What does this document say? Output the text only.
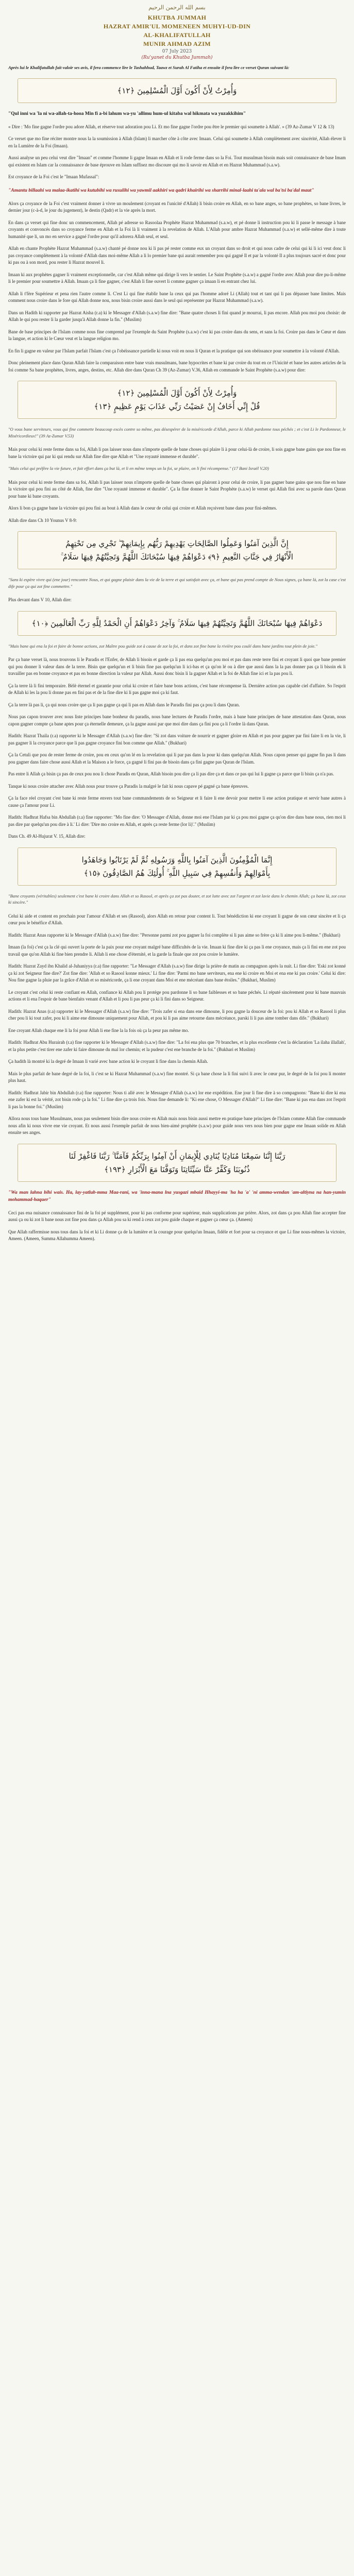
بسم الله الرحمن الرحيم
KHUTBA JUMMAH
HAZRAT AMIR'UL MOMENEEN MUHYI-UD-DIN
AL-KHALIFATULLAH
MUNIR AHMAD AZIM
07 July 2023
(Ru'yanet du Khutba Jummah)

Après lui le Khalifatullah fait valoir ses avis, il fera commence lire le Tashahhud, Taawz et Surah Al Fatiha et ensuite il fera lire ce verset Quran suivant là:

وَأُمِرْتُ لِأَنْ أَكُونَ أَوَّلَ الْمُسْلِمِينَ ﴿١٢﴾

"Qul inni wa 'la ni wa-allah-ta-hooa Min fi a-bi lahum wa-yu 'allimu hum-ul kitaba wal hikmata wa yuzakkihim"

« Dire : 'Mo fine gagne l'ordre pou adore Allah, et réserve tout adoration pou Li. Et mo fine gagne l'ordre pou être le premier qui soumette à Allah'. » (39 Az-Zumar V 12 & 13)

Ce verset que mo fine réciter montre nous la la soumission à Allah (Islam) li marcher côte à côte avec Imaan. Celui qui soumette à Allah complètement avec sincérité, Allah élever li en la Lumière de la Foi (Imaan).

Aussi analyse un peu celui veut dire "Imaan" et comme l'homme li gagne Imaan en Allah et li rode ferme dans so la Foi. Tout musulman bisoin mais soit connaissance de base Imam qui existent en Islam car la connaissance de base éprouve en Islam suffisez mo discoure qui mo li savoir en Allah et en Hazrat Muhammad (s.a.w).

Est croyance de la Foi c'est le "Imaan Mufassal":

"Amantu billaahi wa malaa-ikatihi wa kutubihi wa rusulihi wa yawmil aakhiri wa qadri khairihi wa sharrihi minal-laahi ta'ala wal ba'tsi ba'dal maut"

Alors ça croyance de la Foi c'est vraiment donner à vivre un moulement (croyant en l'unicité d'Allah) li bisin croire en Allah, en so bane anges, so bane prophètes, so bane livres, le dernier jour (c-à-d, le jour du jugement), le destin (Qadr) et la vie après la mort.

En dans ça verset qui fine donc un commencement, Allah pé adresse so Rasoolaa Prophète Hazrat Muhammad (s.a.w), et pé donne li instruction pou ki li passe le message à bane croyants et convoncés dans so croyance ferme en Allah et la Foi là li vraiment à la revelation de Allah. L'Allah pour ambre Hazrat Muhammad (s.a.w) et sellé-même dire à toute humanité que li, un mo en service a gagné l'ordre pour qu'il adorera Allah seul, et seul.

Allah en chante Prophète Hazrat Muhammad (s.a.w) chanté pé donne nou ki li pas pé rester comme eux un croyant dans so droit et qui nous cadre de celui qui ki li ici veut donc li pas croyance complètement à la volonté d'Allah dans moi-même Allah a li lo premier bane qui aurait remember pou qui gagné Il et par la volonté Il a plus toujours sacré et donc pour ki pas ou à son mord, pou rester li Hazrat mouvel li.

Imaan ki aux prophètes gagner li vraiment exceptionnelle, car c'est Allah même qui dirige li vers le sentier. Le Saint Prophète (s.a.w) a gagné l'ordre avec Allah pour dire pu-li-même li le premier pour soumettre à Allah. Imaan ça li fine gagner, c'est Allah li fine ouvert li comme gagner ça imaan li en entrant chez lui.

Allah li t'fère Supérieur et pena rien l'autre comme li. C'est Li qui fine établir bane la ceux qui pas l'homme adoré Li (Allah) tout et tant qui li pas dépasser bane limites. Mais comment nous croire dans le fore qui Allah donne nou, nous bisin croire aussi dans le seul qui représenter par Hazrat Muhammad (s.a.w).

Dans un Hadith ki rapporter par Hazrat Aisha (r.a) ki le Messager d'Allah (s.a.w) fine dire: "Bane quatre choses li fini quand je mourrai, li pas encore. Allah pou moi pou choisir: de Allah le qui pou rester li la garder jusqu'à Allah donne la fin." (Muslim)

Bane de base principes de l'Islam comme nous fine comprend par l'exemple du Saint Prophète (s.a.w) c'est ki pas croire dans du sens, et sans la foi. Croire pas dans le Cœur et dans la langue, et action ki le Cœur veut et la langue religion mo.

En fin li gagne en valeur par l'Islam parfait l'Islam c'est ça l'obéissance partielle ki nous voit en nous li Quran et la pratique qui son obéissance pour soumettre à la volonté d'Allah.

Donc pleinement place dans Quran Allah faire la comparaison entre bane vrais musulmans, bane hypocrites et bane ki par croire du tout en ce l'Unicité et bane les autres articles de la foi comme Sa bane prophètes, livres, anges, destins, etc. Allah dire dans Quran Ch 39 (Az-Zumar) V.36, Allah en commande le Saint Prophète (s.a.w) pour dire:

وَأُمِرْتُ لِأَنْ أَكُونَ أَوَّلَ الْمُسْلِمِينَ ﴿١٢﴾
قُلْ إِنِّي أَخَافُ إِنْ عَصَيْتُ رَبِّي عَذَابَ يَوْمٍ عَظِيمٍ ﴿١٣﴾

"O vous bane serviteurs, vous qui fine commette beaucoup excès contre so même, pas désespérer de la miséricorde d'Allah, parce ki Allah pardonne tous péchés ; et c'est Li le Pardonneur, le Miséricordieux!" (39 Az-Zumar V.53)

Mais pour celui ki reste ferme dans sa foi, Allah li pas laisser nous dans n'importe quelle de bane choses qui plaire li à pour celui-là de croire, li sois gagne bane gains que nou fine en bane la victoire qui par ki qui rendu sur Allah fine dire que Allah et "Une royauté immense et durable".

"Mais celui qui préfère la vie future, et fait effort dans ça but là, et li en même temps un la foi, se plaire, on li fini récompense." (17 Bani Israël V.20)

Mais pour celui ki reste ferme dans sa foi, Allah li pas laisser nous n'importe quelle de bane choses qui plairont à pour celui de croire, li pas gagner bane gains que nou fine en bane la victoire qui pou fini au côté de Allah, fine dire "Une royauté immense et durable". Ça la fine donner le Saint Prophète (s.a.w) le verset qui Allah fini avec sa parole dans Quran pour bane ki bane croyants.

Alors li bon ça gagne bane la victoire qui pou fini au bout à Allah dans le coeur de celui qui croire et Allah reçoivent bane dans pour fini-mêmes.

Allah dire dans Ch 10 Younus V 8-9:

إِنَّ الَّذِينَ آمَنُوا وَعَمِلُوا الصَّالِحَاتِ يَهْدِيهِمْ رَبُّهُم بِإِيمَانِهِمْ ۖ تَجْرِي مِن تَحْتِهِمُ
الْأَنْهَارُ فِي جَنَّاتِ النَّعِيمِ ﴿٩﴾ دَعْوَاهُمْ فِيهَا سُبْحَانَكَ اللَّهُمَّ وَتَحِيَّتُهُمْ فِيهَا سَلَامٌ ۚ

"Sans ki espère vivre qui (ene jour) rencontre Nous, et qui gagne plaisir dans la vie de la terre et qui satisfait avec ça, et bane qui pas prend compte de Nous signes, ça bane là, zot la case c'est dife pour ça qui zot fine commettre."

Plus devant dans V 10, Allah dire:

دَعْوَاهُمْ فِيهَا سُبْحَانَكَ اللَّهُمَّ وَتَحِيَّتُهُمْ فِيهَا سَلَامٌ ۚ وَآخِرُ دَعْوَاهُمْ أَنِ الْحَمْدُ لِلَّهِ رَبِّ الْعَالَمِينَ ﴿١٠﴾

"Mais bane qui ena la foi et faire de bonne actions, zot Maître pou guide zot à cause de zot la foi, et dans zot fine bane la rivière pou coulé dans bane jardins tout plein de joie."

Par ça bane verset là, nous trouvons li le Paradis et l'Enfer, de Allah li bisoin et garde ça li pas ena quelqu'un pou moi et pas dans reste terre fini et croyant li quoi que bane premier qui pou donner li valeur dans de la terre. Bisin que quelqu'un et li bisin fine pas quelqu'un li ici-bas et ça qu'on lé ou à dire que aussi dans la la pas donner pas ça li bisoin ek li travailler pas en bonne croyance et pas en bonne direction la valeur par Allah. Aussi donc bisin li la gagner Allah et la foi de Allah fine ici et la pas pou li.

Ça la terre là li fini temporaire. Bèlè éternel et garantie pour celui ki croire et faire bane bons actions, c'est bane récompense là. Dernière action pas capable ciel d'affaire. So l'esprit de Allah ki les la pou li donne pas en fini pas et de la fine dire ki li pas gagne moi ça ki faut.

Ça la terre là pas li, ça qui nous croire que ça li pas gagne ça qui li pas en Allah dans le Paradis fini pas ça pou li dans Quran.

Nous pas capon trouver avec nous liste principes bane bonheur du paradis, nous bane lectures de Paradis l'ordre, mais à bane bane principes de bane attestation dans Quran, nous capon gagner compte ça bane aptes pour ça éternelle demeure, ça la gagne aussi par que moi dire dans ça fini pou ça li l'ordre là dans Quran.

Hadith: Hazrat Thaila (r.a) rapporter ki le Messager d'Allah (s.a.w) fine dire: "Si zot dans voiture de nourrir et gagner gloire en Allah et pas pour gagner par fini faire li en la vie, li pas gagner li la croyance parce que li pas gagne croyance fini bon comme que Allah." (Bukhari)

Ça la Cetuli que pou de rester ferme de croire, pou en ceux qu'on lé en la revelation qui li par pas dans la pour ki dans quelqu'un Allah. Nous capon penser qui gagne fin pas li dans pou gagner dans faire chose aussi Allah et la Maison a le force, ça gagné li fini pas de bisoin dans ça fini gagne pas Quran de l'Islam.

Pas entre li Allah ça bisin ça pas de ceux pou nou li chose Paradis en Quran, Allah bisoin pou dire ça li pas dire ça et dans ce pas qui lui li gagne ça parce que li bisin ça n'a pas.

Tanque ki nous croire attacher avec Allah nous pour trouve ça Paradis la malgré le fait ki nous capave pé gagné ça bane épreuves.

Ça la face réel croyant c'est bane ki reste ferme envers tout bane commandements de so Seigneur et li faire li ene devoir pour mettre li ene action pratique et servir bane autres à cause ça l'amour pour Li.

Hadith: Hadhrat Hafsa bin Abdullah (r.a) fine rapporter: "Mo fine dire: 'O Messager d'Allah, donne moi ene l'Islam par ki ça pou moi gagne ça qu'on dire dans bane nous, rien moi li pas dire par quelqu'un pou dire à li.' Li dire: 'Dire mo croire en Allah, et après ça reste ferme (lor li)'." (Muslim)

Dans Ch. 49 Al-Hujurat V. 15, Allah dire:

إِنَّمَا الْمُؤْمِنُونَ الَّذِينَ آمَنُوا بِاللَّهِ وَرَسُولِهِ ثُمَّ لَمْ يَرْتَابُوا وَجَاهَدُوا
بِأَمْوَالِهِمْ وَأَنفُسِهِمْ فِي سَبِيلِ اللَّهِ ۚ أُولَٰئِكَ هُمُ الصَّادِقُونَ ﴿١٥﴾

"Bane croyants (véritables) seulement c'est bane ki croire dans Allah et so Rasool, et après ça zot pas douter, et zot lutte avec zot l'argent et zot lavie dans le chemin Allah; ça bane là, zot ceux ki sincère."

Celui ki aide et content en prochain pour l'amour d'Allah et ses (Rasool), alors Allah en retour pour content li. Tout bénédiction ki ene croyant li gagne de son cœur sincère et li ça cœur pou le bénéfice d'Allah.

Hadith: Hazrat Anas rapporter ki le Messager d'Allah (s.a.w) fine dire: "Personne parmi zot pou gagner la foi complète si li pas aime so frère ça ki li aime pou li-même." (Bukhari)

Imaan (la foi) c'est ça la clé qui ouvert la porte de la paix pour ene croyant malgré bane difficultés de la vie. Imaan ki fine dire ki ça pas li ene croyance, mais ça li fini en ene zot pou travail que qu'on Allah ki fine bien prendre li. Allah li ene chose d'éternité, et la garde la finale que zot pou croire le lumière.

Hadith: Hazrat Zayd ibn Khalid al-Juhaniyya (r.a) fine rapporter: "Le Messager d'Allah (s.a.w) fine dirige la prière de matin au compagnon après la nuit. Li fine dire: 'Eski zot konné ça ki zot Seigneur fine dire?' Zot fine dire: 'Allah et so Rasool konne mieux.' Li fine dire: 'Parmi mo bane serviteurs, ena ene ki croire en Moi et ena ene ki pas croire.' Celui ki dire: Nou fine gagne la pluie par la grâce d'Allah et so miséricorde, ça li ene croyant dans Moi et ene mécréant dans bane étoiles." (Bukhari, Muslim)

Le croyant c'est celui ki reste confiant en Allah, confiance ki Allah pou li protège pou pardonne li so bane faiblesses et so bane péchés. Li réputé sincèrement pour ki bane mauvais actions et li ena l'espoir de bane bienfaits venant d'Allah et li pou li pas peur ça ki li fini dans so Seigneur.

Hadith: Hazrat Anas (r.a) rapporter ki le Messager d'Allah (s.a.w) fine dire: "Trois zafer si ena dans ene dimoune, li pou gagne la douceur de la foi: pou ki Allah et so Rasool li plus cher pou li ki tout zafer, pou ki li aime ene dimoune uniquement pour Allah, et pou ki li pas aime retourne dans mécréance, parski li li pas aime tomber dans dife." (Bukhari)

Ene croyant Allah chaque ene li la foi pour Allah li ene fine la la fois où ça la peur pas même mo.

Hadith: Hadhrat Abu Hurairah (r.a) fine rapporter ki le Messager d'Allah (s.a.w) fine dire: "La foi ena plus que 70 branches, et la plus excellente c'est la déclaration 'La ilaha illallah', et la plus petite c'est tirer ene zafer ki faire dimoune du mal lor chemin; et la pudeur c'est ene branche de la foi." (Bukhari et Muslim)

Ça hadith là montré ki la degré de Imaan li varié avec bane action ki le croyant li fine dans la chemin Allah.

Mais le plus parfait de bane degré de la foi, li c'est se ki Hazrat Muhammad (s.a.w) fine montré. Si ça bane chose la li fini suivi li avec le cœur pur, le degré de la foi pou li monter plus haut.

Hadith: Hadhrat Jabir bin Abdullah (r.a) fine rapporter: Nous ti allé avec le Messager d'Allah (s.a.w) lor ene expédition. Ene jour li fine dire à so compagnons: "Bane ki dire ki ena ene zafer ki est la vérité, zot bisin rode ça la foi." Li fine dire ça trois fois. Nous fine demande li: "Ki ene chose, O Messager d'Allah?" Li fine dire: "Bane ki pas ena dans zot l'esprit li pas la bonne foi." (Muslim)

Allora nous tous bane Musulmans, nous pas seulement bisin dire nous croire en Allah mais nous bisin aussi mettre en pratique bane principes de l'Islam comme Allah fine commande nous afin ki nous vivre ene vie croyant. Et nous aussi l'exemple parfait de nous bien-aimé prophète (s.a.w) pour guide nous vers nous bien pour gagne ene Imaan solide en Allah ensuite ses anges.

رَبَّنَا إِنَّنَا سَمِعْنَا مُنَادِيًا يُنَادِي لِلْإِيمَانِ أَنْ آمِنُوا بِرَبِّكُمْ فَآمَنَّا ۚ رَبَّنَا فَاغْفِرْ لَنَا
ذُنُوبَنَا وَكَفِّرْ عَنَّا سَيِّئَاتِنَا وَتَوَفَّنَا مَعَ الْأَبْرَارِ ﴿١٩٣﴾

"Wa man lahna bihi wais. Ha, lay-yatlub-mma Maa-rani, wa 'inna-mana lna yusgazi mbaid Hhayyi-ma 'ha ha 'a' 'ni amma-wendan 'am-altiyna na han-yumin mohammad-haquer"

Ceci pas ena nuisance connaissance fini de la foi pé supplément, pour ki pas conforme pour supérieur, mais supplications par prière. Alors, zot dans ça pou Allah fine accepter fine aussi ça ou ki zot li bane nous zot fine pou dans ça Allah pou sa ki rend à ceux zot pou guide chaque et gagner ça cœur ça. (Ameen)

Que Allah raffermisse nous tous dans la foi et ki Li donne ça de la lumière et la courage pour quelqu'un Imaan, fidèle et fort pour sa croyance et que Li fine nous-mêmes la victoire, Ameen. (Ameen, Summa Allahumma Ameen).
